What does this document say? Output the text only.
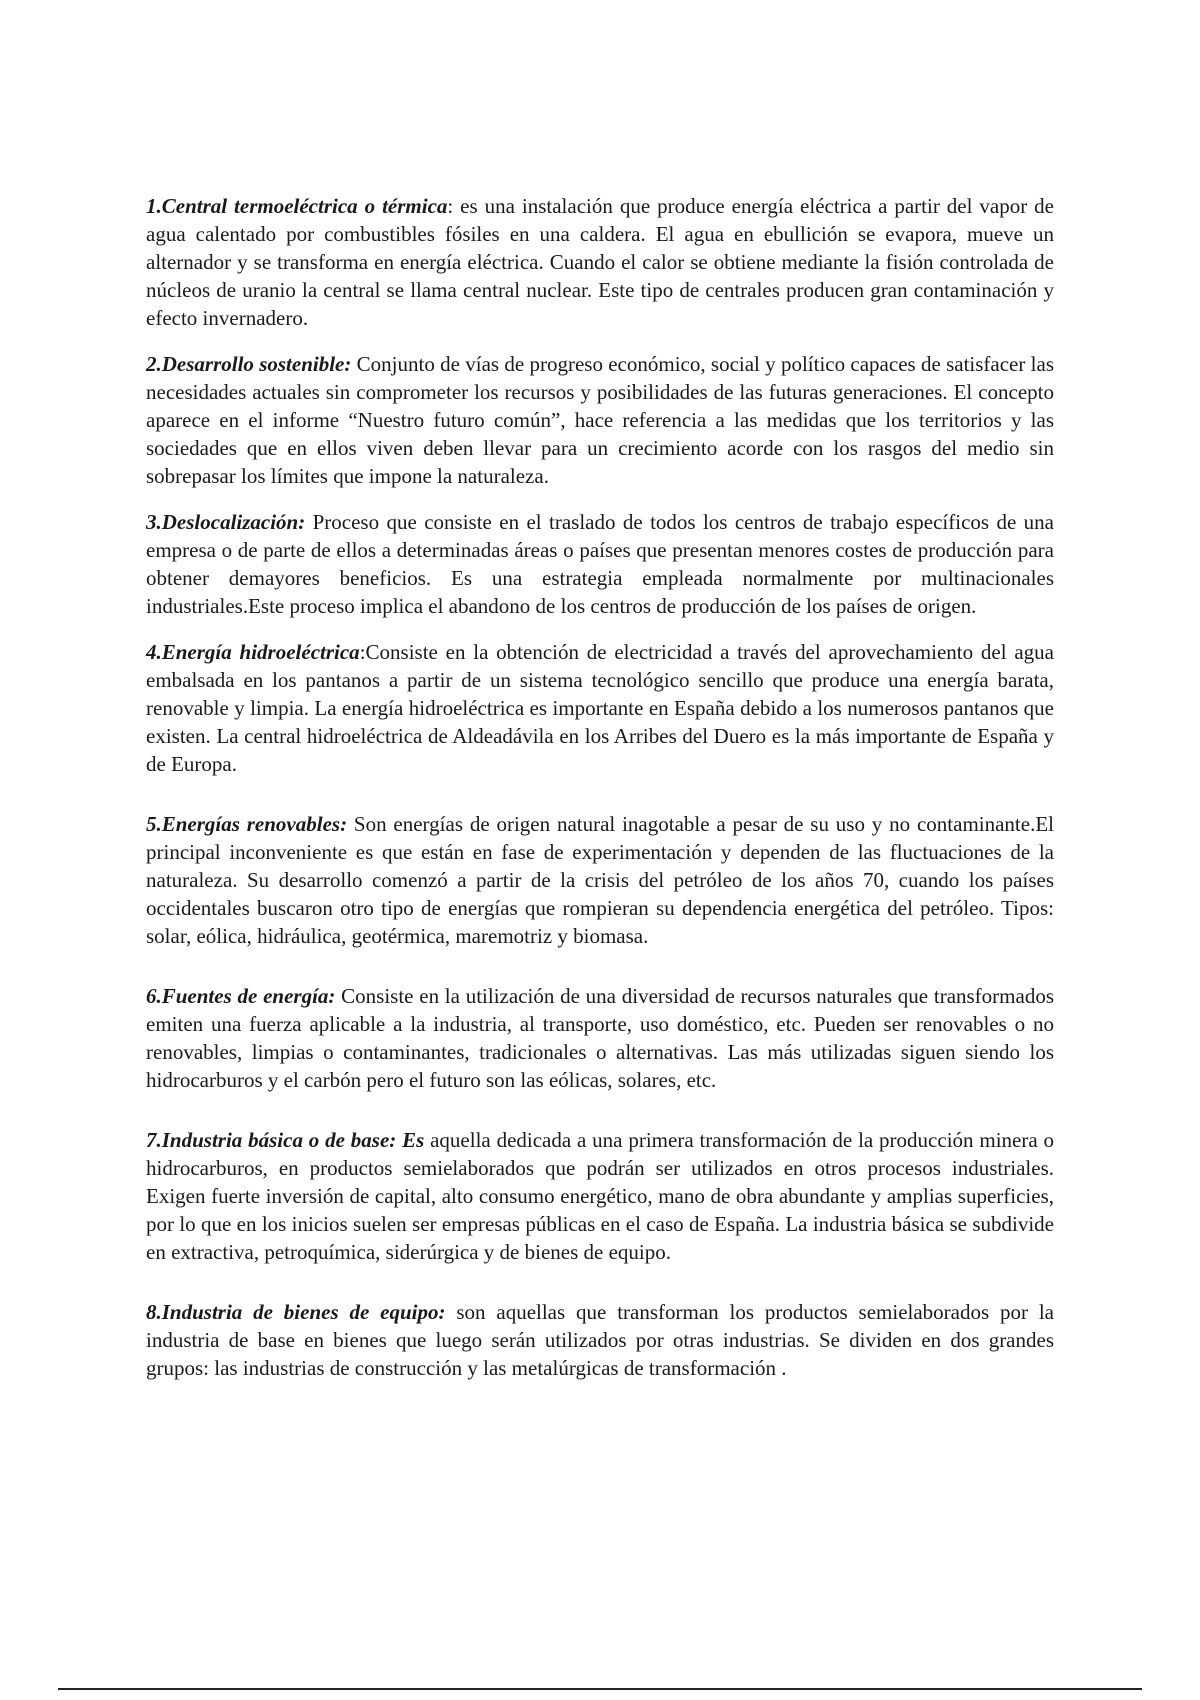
1.Central termoeléctrica o térmica: es una instalación que produce energía eléctrica a partir del vapor de agua calentado por combustibles fósiles en una caldera. El agua en ebullición se evapora, mueve un alternador y se transforma en energía eléctrica. Cuando el calor se obtiene mediante la fisión controlada de núcleos de uranio la central se llama central nuclear. Este tipo de centrales producen gran contaminación y efecto invernadero.

2.Desarrollo sostenible: Conjunto de vías de progreso económico, social y político capaces de satisfacer las necesidades actuales sin comprometer los recursos y posibilidades de las futuras generaciones. El concepto aparece en el informe “Nuestro futuro común”, hace referencia a las medidas que los territorios y las sociedades que en ellos viven deben llevar para un crecimiento acorde con los rasgos del medio sin sobrepasar los límites que impone la naturaleza.

3.Deslocalización: Proceso que consiste en el traslado de todos los centros de trabajo específicos de una empresa o de parte de ellos a determinadas áreas o países que presentan menores costes de producción para obtener demayores beneficios. Es una estrategia empleada normalmente por multinacionales industriales.Este proceso implica el abandono de los centros de producción de los países de origen.

4.Energía hidroeléctrica:Consiste en la obtención de electricidad a través del aprovechamiento del agua embalsada en los pantanos a partir de un sistema tecnológico sencillo que produce una energía barata, renovable y limpia. La energía hidroeléctrica es importante en España debido a los numerosos pantanos que existen. La central hidroeléctrica de Aldeadávila en los Arribes del Duero es la más importante de España y de Europa.

5.Energías renovables: Son energías de origen natural inagotable a pesar de su uso y no contaminante.El principal inconveniente es que están en fase de experimentación y dependen de las fluctuaciones de la naturaleza. Su desarrollo comenzó a partir de la crisis del petróleo de los años 70, cuando los países occidentales buscaron otro tipo de energías que rompieran su dependencia energética del petróleo. Tipos: solar, eólica, hidráulica, geotérmica, maremotriz y biomasa.

6.Fuentes de energía: Consiste en la utilización de una diversidad de recursos naturales que transformados emiten una fuerza aplicable a la industria, al transporte, uso doméstico, etc. Pueden ser renovables o no renovables, limpias o contaminantes, tradicionales o alternativas. Las más utilizadas siguen siendo los hidrocarburos y el carbón pero el futuro son las eólicas, solares, etc.

7.Industria básica o de base: Es aquella dedicada a una primera transformación de la producción minera o hidrocarburos, en productos semielaborados que podrán ser utilizados en otros procesos industriales. Exigen fuerte inversión de capital, alto consumo energético, mano de obra abundante y amplias superficies, por lo que en los inicios suelen ser empresas públicas en el caso de España. La industria básica se subdivide en extractiva, petroquímica, siderúrgica y de bienes de equipo.

8.Industria de bienes de equipo: son aquellas que transforman los productos semielaborados por la industria de base en bienes que luego serán utilizados por otras industrias. Se dividen en dos grandes grupos: las industrias de construcción y las metalúrgicas de transformación .
